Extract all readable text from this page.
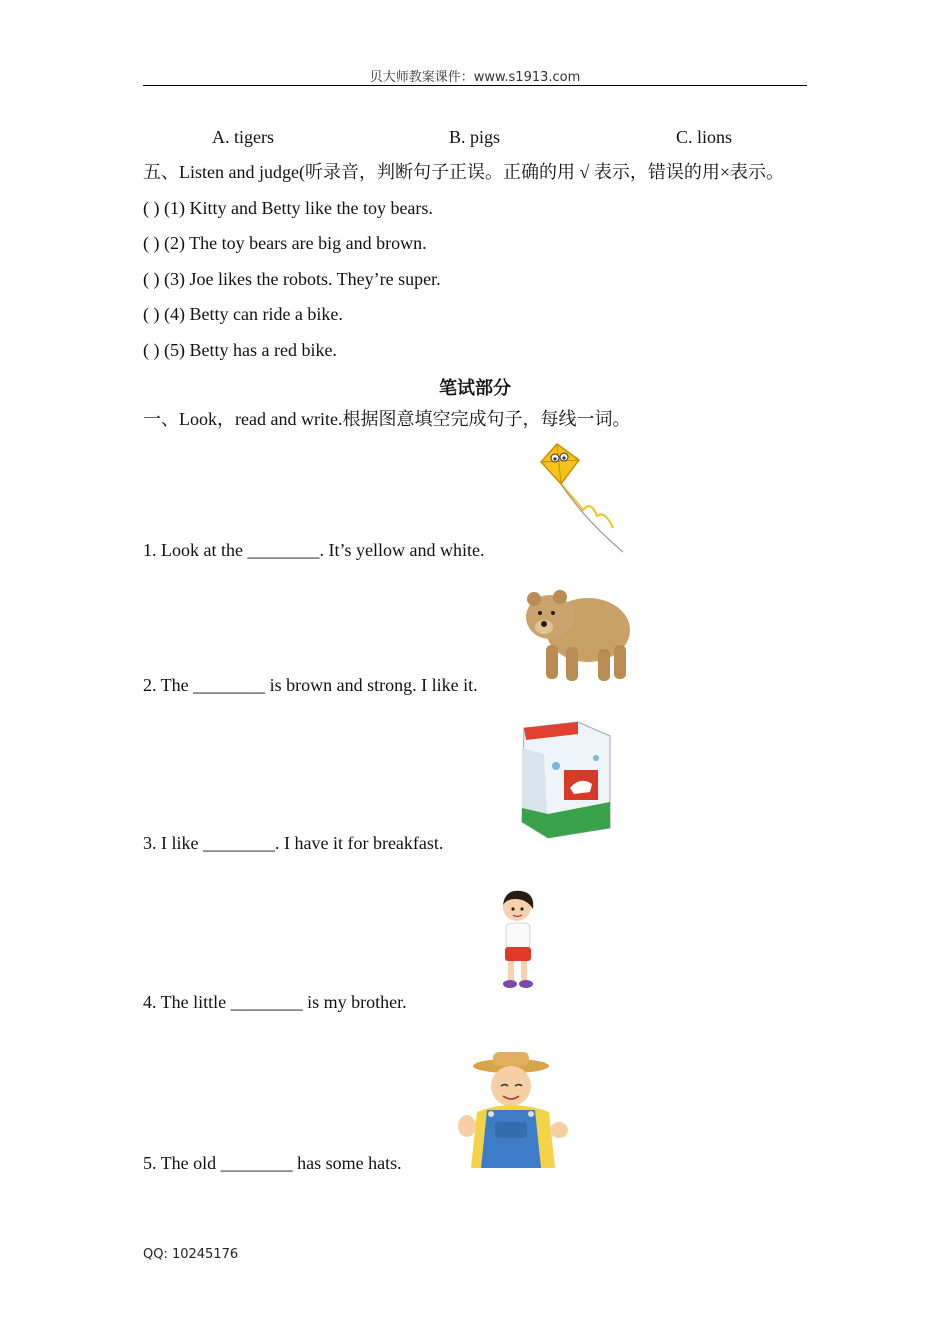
贝大师教案课件：www.s1913.com
A. tigers	B. pigs	C. lions
五、Listen and judge(听录音，判断句子正误。正确的用 √ 表示，错误的用×表示。
( ) (1) Kitty and Betty like the toy bears.
( ) (2) The toy bears are big and brown.
( ) (3) Joe likes the robots. They’re super.
( ) (4) Betty can ride a bike.
( ) (5) Betty has a red bike.
笔试部分
一、Look，read and write.根据图意填空完成句子，每线一词。
1. Look at the ________. It’s yellow and white.
2. The ________ is brown and strong. I like it.
3. I like ________. I have it for breakfast.
4. The little ________ is my brother.
5. The old ________ has some hats.
QQ: 10245176
